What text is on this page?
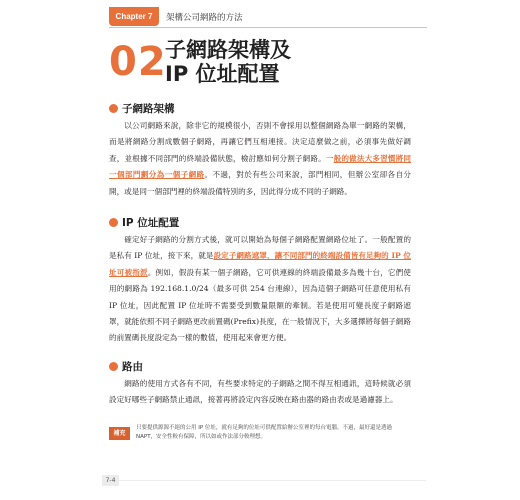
Chapter 7	架構公司網路的方法
02
子網路架構及
IP 位址配置
子網路架構
以公司網路來說，除非它的規模很小，否則不會採用以整個網路為單一網路的架構，而是將網路分割成數個子網路，再讓它們互相連接。決定這麼做之前，必須事先做好調查，並根據不同部門的終端設備狀態，檢討應如何分割子網路。一般的做法大多習慣將同一個部門劃分為一個子網路。不過，對於有些公司來說，部門相同，但辦公室卻各自分開，或是同一個部門裡的終端設備特別的多，因此得分成不同的子網路。
IP 位址配置
確定好子網路的分割方式後，就可以開始為每個子網路配置網路位址了。一般配置的是私有 IP 位址，接下來，就是設定子網路遮罩，讓不同部門的終端設備皆有足夠的 IP 位址可被指派。例如，假設有某一個子網路，它可供連線的終端設備最多為幾十台，它們使用的網路為 192.168.1.0/24（最多可供 254 台連線），因為這個子網路可任意使用私有 IP 位址，因此配置 IP 位址時不需要受到數量限額的牽制。若是使用可變長度子網路遮罩，就能依照不同子網路更改前置碼(Prefix)長度，在一般情況下，大多選擇將每個子網路的前置碼長度設定為一樣的數值，使用起來會更方便。
路由
網路的使用方式各有不同，有些要求特定的子網路之間不得互相通訊，這時候就必須設定好哪些子網路禁止通訊，接著再將設定內容反映在路由器的路由表或是過濾器上。
補充
只要提供源源不絕的公用 IP 位址，就有足夠的位址可供配置給辦公室裡的每台電腦。不過，最好還是透過 NAPT，安全性較有保障，所以如或作法部分較理想。
7-4
